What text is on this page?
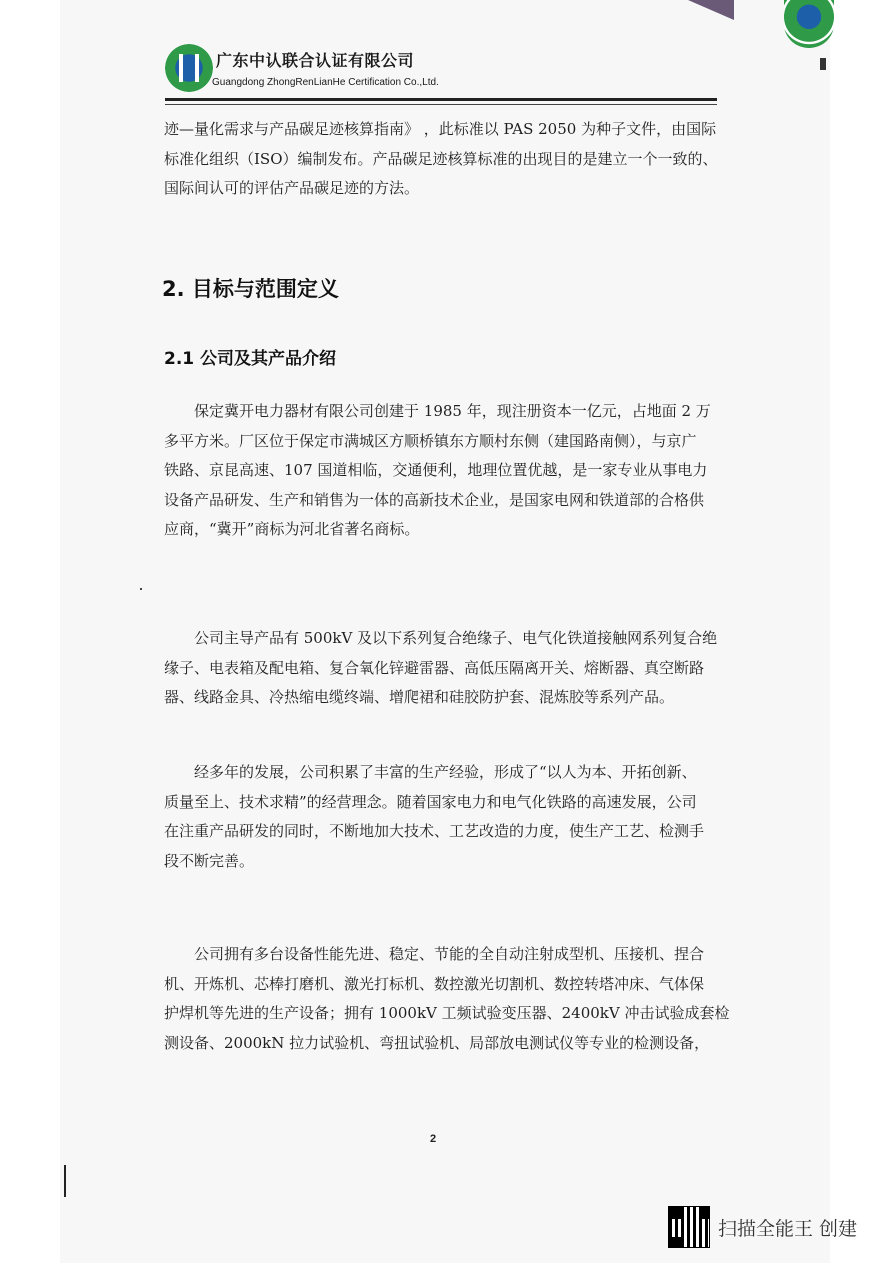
广东中认联合认证有限公司
Guangdong ZhongRenLianHe Certification Co.,Ltd.

迹—量化需求与产品碳足迹核算指南》 ，此标准以 PAS 2050 为种子文件，由国际
标准化组织（ISO）编制发布。产品碳足迹核算标准的出现目的是建立一个一致的、
国际间认可的评估产品碳足迹的方法。

2. 目标与范围定义
2.1 公司及其产品介绍

　　保定冀开电力器材有限公司创建于 1985 年，现注册资本一亿元，占地面 2 万
多平方米。厂区位于保定市满城区方顺桥镇东方顺村东侧（建国路南侧），与京广
铁路、京昆高速、107 国道相临，交通便利，地理位置优越，是一家专业从事电力
设备产品研发、生产和销售为一体的高新技术企业，是国家电网和铁道部的合格供
应商，“冀开”商标为河北省著名商标。

　　公司主导产品有 500kV 及以下系列复合绝缘子、电气化铁道接触网系列复合绝
缘子、电表箱及配电箱、复合氧化锌避雷器、高低压隔离开关、熔断器、真空断路
器、线路金具、冷热缩电缆终端、增爬裙和硅胶防护套、混炼胶等系列产品。

　　经多年的发展，公司积累了丰富的生产经验，形成了“以人为本、开拓创新、
质量至上、技术求精”的经营理念。随着国家电力和电气化铁路的高速发展，公司
在注重产品研发的同时，不断地加大技术、工艺改造的力度，使生产工艺、检测手
段不断完善。

　　公司拥有多台设备性能先进、稳定、节能的全自动注射成型机、压接机、捏合
机、开炼机、芯棒打磨机、激光打标机、数控激光切割机、数控转塔冲床、气体保
护焊机等先进的生产设备；拥有 1000kV 工频试验变压器、2400kV 冲击试验成套检
测设备、2000kN 拉力试验机、弯扭试验机、局部放电测试仪等专业的检测设备，

2
扫描全能王 创建
